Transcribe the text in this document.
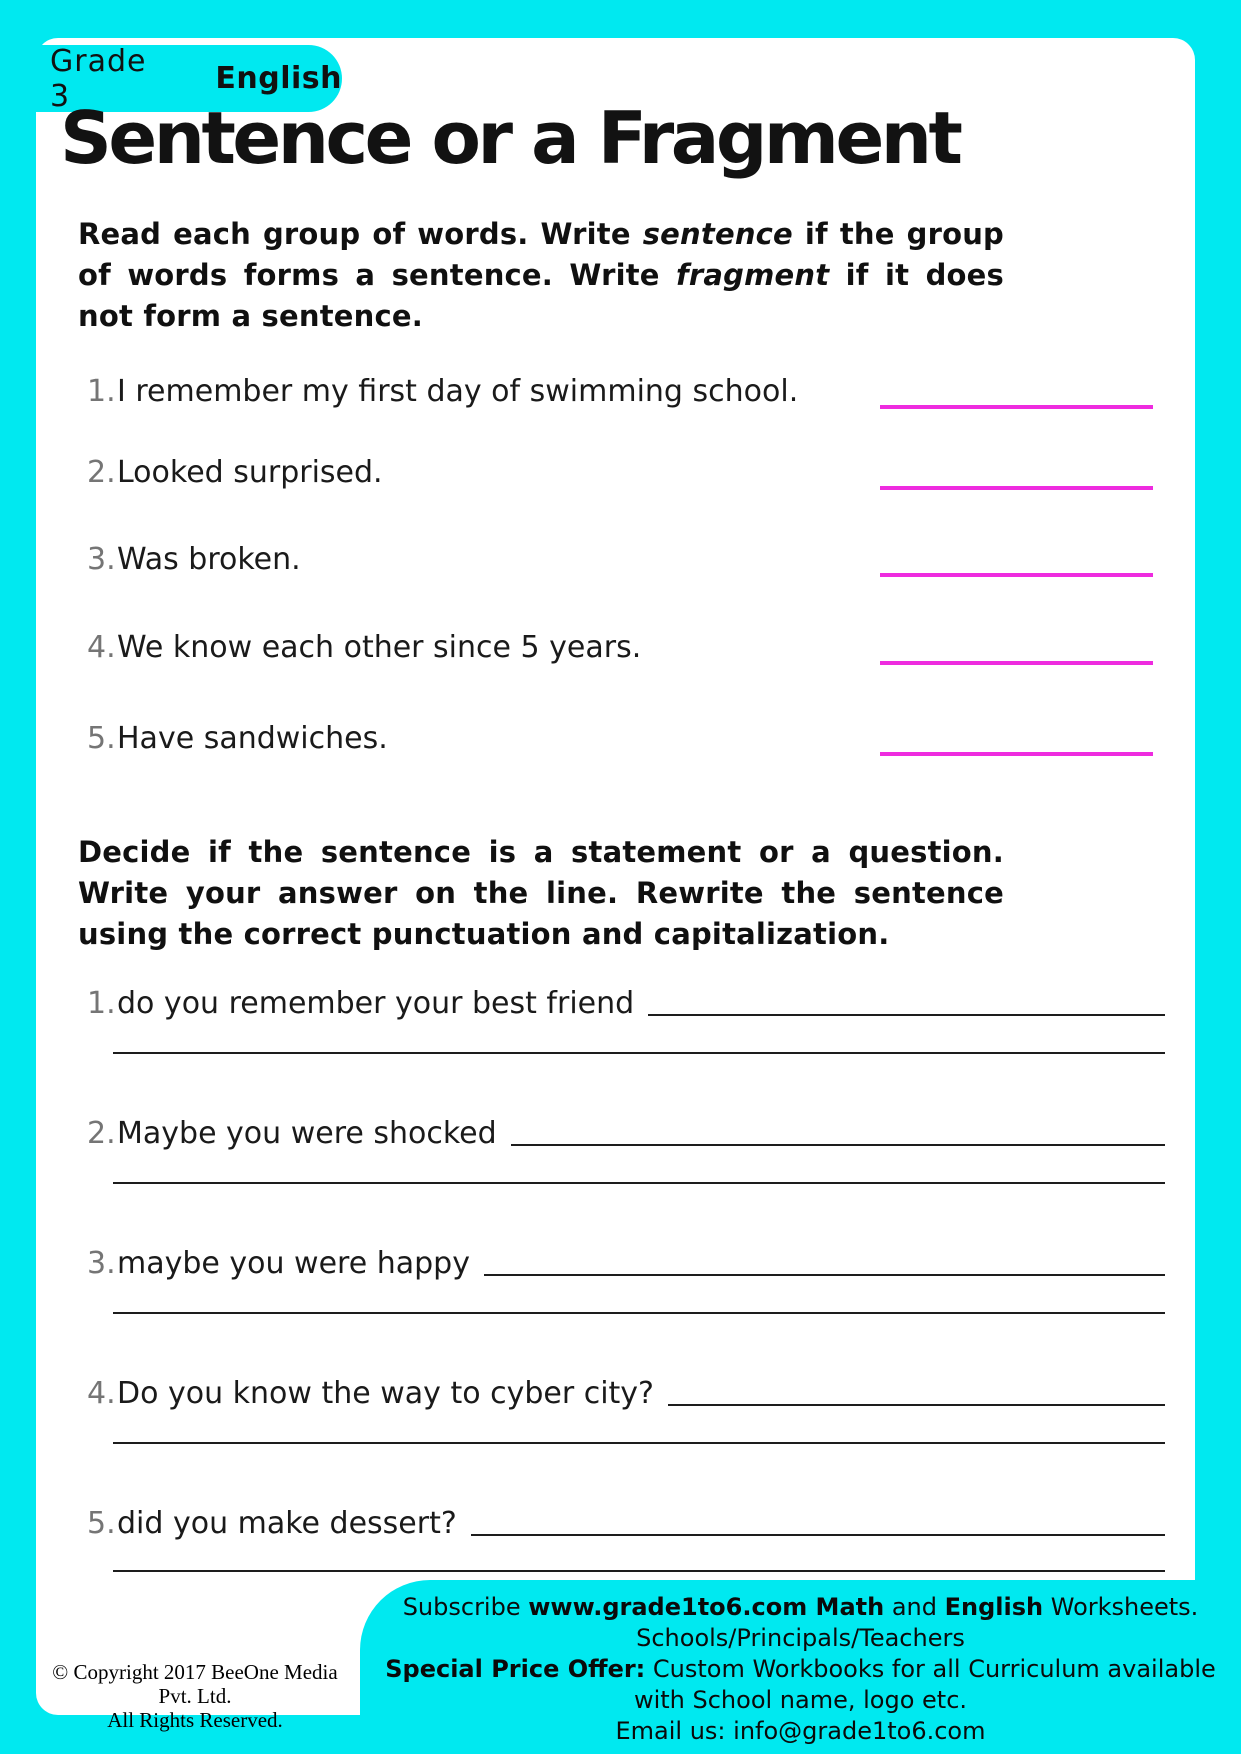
Grade 3	English
Sentence or a Fragment

Read each group of words. Write sentence if the group of words forms a sentence. Write fragment if it does not form a sentence.

1. I remember my first day of swimming school.
2. Looked surprised.
3. Was broken.
4. We know each other since 5 years.
5. Have sandwiches.

Decide if the sentence is a statement or a question. Write your answer on the line. Rewrite the sentence using the correct punctuation and capitalization.

1. do you remember your best friend
2. Maybe you were shocked
3. maybe you were happy
4. Do you know the way to cyber city?
5. did you make dessert?
Subscribe www.grade1to6.com Math and English Worksheets.
Schools/Principals/Teachers
Special Price Offer: Custom Workbooks for all Curriculum available
with School name, logo etc.
Email us: info@grade1to6.com
© Copyright 2017 BeeOne Media Pvt. Ltd.
All Rights Reserved.
